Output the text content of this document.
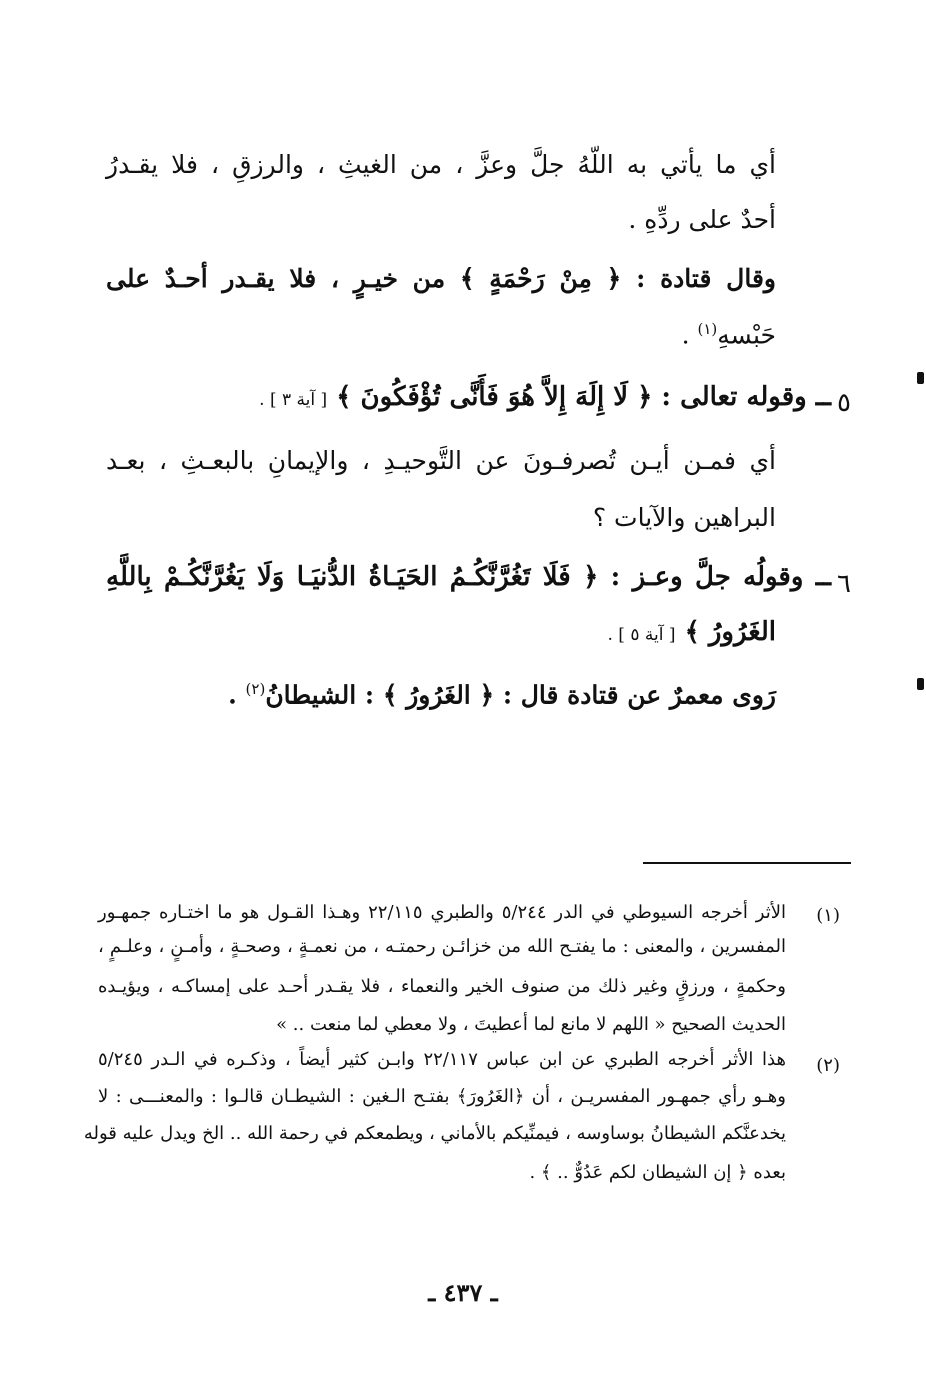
أي ما يأتي به اللّهُ جلَّ وعزَّ ، من الغيثِ ، والرزقِ ، فلا يقـدرُ
أحدٌ على ردِّهِ .
وقال قتادة : ﴿ مِنْ رَحْمَةٍ ﴾ من خيـرٍ ، فلا يقـدر أحـدٌ على
حَبْسهِ$^{(١)}$ .
٥
ــ وقوله تعالى : ﴿ لَا إِلَهَ إِلاَّ هُوَ فَأَنَّى تُؤْفَكُونَ ﴾ [ آية ٣ ] .
أي فمـن أيـن تُصرفـونَ عن التَّوحيـدِ ، والإيمانِ بالبعـثِ ، بعـد
البراهين والآيات ؟
٦
ــ وقولُه جلَّ وعـز : ﴿ فَلَا تَغُرَّنَّكُـمُ الحَيَـاةُ الدُّنيَـا وَلَا يَغُرَّنَّكُـمْ بِاللَّهِ
الغَرُورُ ﴾ [ آية ٥ ] .
رَوى معمرٌ عن قتادة قال : ﴿ الغَرُورُ ﴾ : الشيطانُ$^{(٢)}$ .
(١)
الأثر أخرجه السيوطي في الدر ٥/٢٤٤ والطبري ٢٢/١١٥ وهـذا القـول هو ما اختـاره جمهـور
المفسرين ، والمعنى : ما يفتـح الله من خزائـن رحمتـه ، من نعمـةٍ ، وصحـةٍ ، وأمـنٍ ، وعلـمٍ ،
وحكمةٍ ، ورزقٍ وغير ذلك من صنوف الخير والنعماء ، فلا يقـدر أحـد على إمساكـه ، ويؤيـده
الحديث الصحيح « اللهم لا مانع لما أعطيتَ ، ولا معطي لما منعت .. »
(٢)
هذا الأثر أخرجه الطبري عن ابن عباس ٢٢/١١٧ وابـن كثير أيضاً ، وذكـره في الـدر ٥/٢٤٥
وهـو رأي جمهـور المفسريـن ، أن ﴿الغَرُورَ﴾ بفتـح الـغين : الشيطـان قالـوا : والمعنـــى : لا
يخدعنَّكم الشيطانُ بوساوسه ، فيمنِّيكم بالأماني ، ويطمعكم في رحمة الله .. الخ ويدل عليه قوله
بعده ﴿ إن الشيطان لكم عَدُوٌّ .. ﴾ .
ـ ٤٣٧ ـ
